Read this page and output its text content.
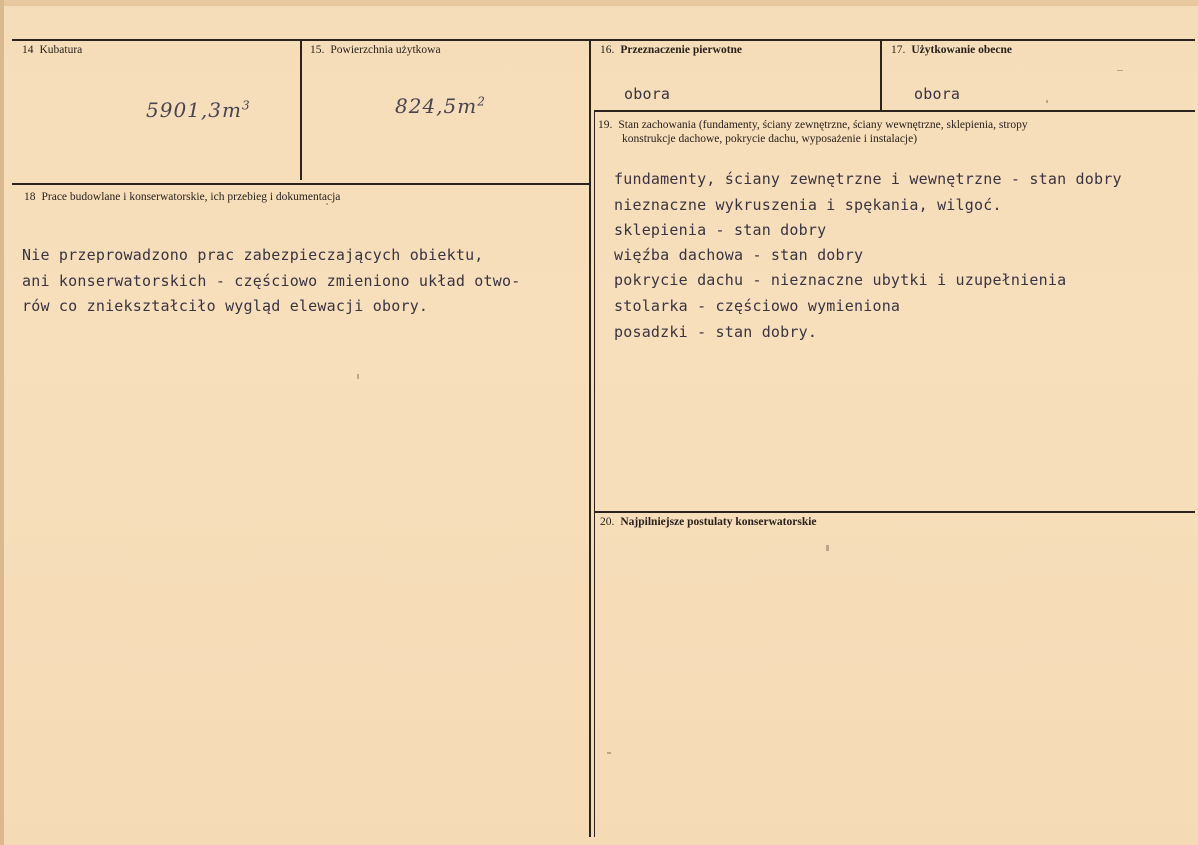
14 Kubatura
$5901,3m^3$
15. Powierzchnia użytkowa
$824,5m^2$
16. Przeznaczenie pierwotne
obora
17. Użytkowanie obecne
obora
18 Prace budowlane i konserwatorskie, ich przebieg i dokumentacja
Nie przeprowadzono prac zabezpieczających obiektu,
ani konserwatorskich - częściowo zmieniono układ otwo-
rów co zniekształciło wygląd elewacji obory.
19. Stan zachowania (fundamenty, ściany zewnętrzne, ściany wewnętrzne, sklepienia, stropy
konstrukcje dachowe, pokrycie dachu, wyposażenie i instalacje)
fundamenty, ściany zewnętrzne i wewnętrzne - stan dobry
nieznaczne wykruszenia i spękania, wilgoć.
sklepienia - stan dobry
więźba dachowa - stan dobry
pokrycie dachu - nieznaczne ubytki i uzupełnienia
stolarka - częściowo wymieniona
posadzki - stan dobry.
20. Najpilniejsze postulaty konserwatorskie
